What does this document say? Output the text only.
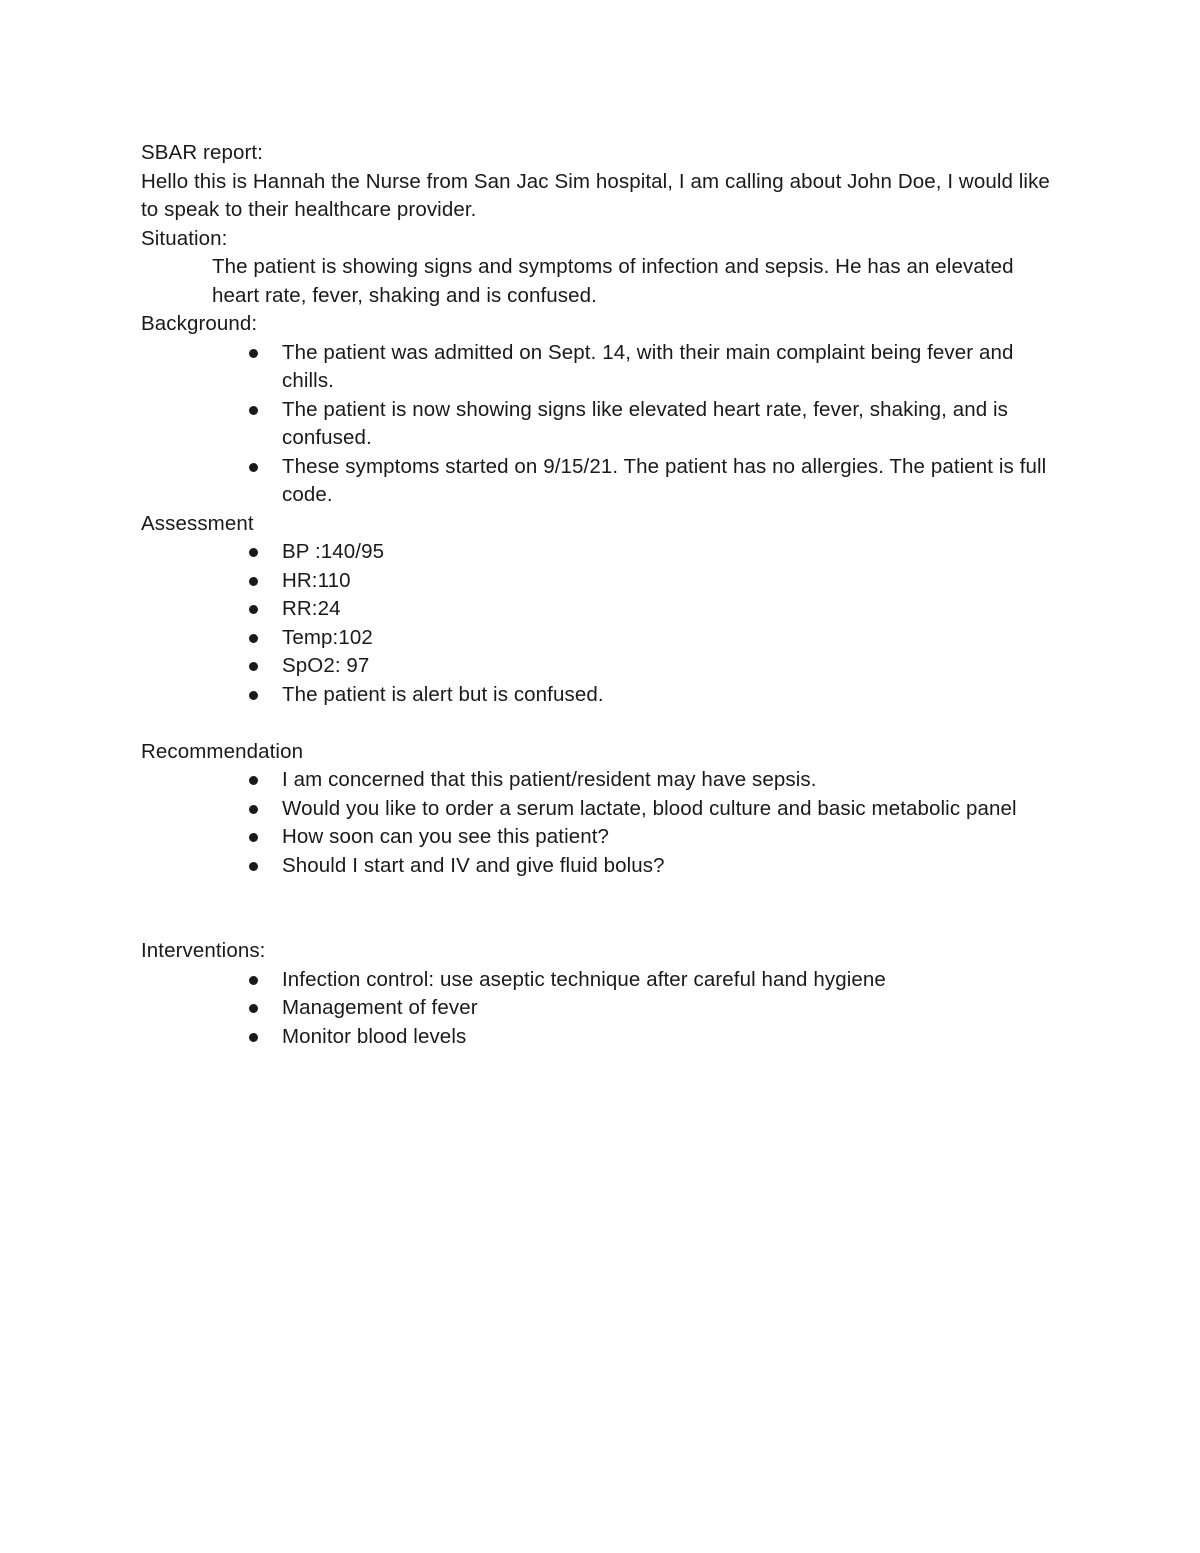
SBAR report:

Hello this is Hannah the Nurse from San Jac Sim hospital, I am calling about John Doe, I would like to speak to their healthcare provider.

Situation:

The patient is showing signs and symptoms of infection and sepsis. He has an elevated heart rate, fever, shaking and is confused.

Background:

The patient was admitted on Sept. 14, with their main complaint being fever and chills.
The patient is now showing signs like elevated heart rate, fever, shaking, and is confused.
These symptoms started on 9/15/21. The patient has no allergies. The patient is full code.

Assessment

BP :140/95
HR:110
RR:24
Temp:102
SpO2: 97
The patient is alert but is confused.

Recommendation

I am concerned that this patient/resident may have sepsis.
Would you like to order a serum lactate, blood culture and basic metabolic panel
How soon can you see this patient?
Should I start and IV and give fluid bolus?

Interventions:

Infection control: use aseptic technique after careful hand hygiene
Management of fever
Monitor blood levels
